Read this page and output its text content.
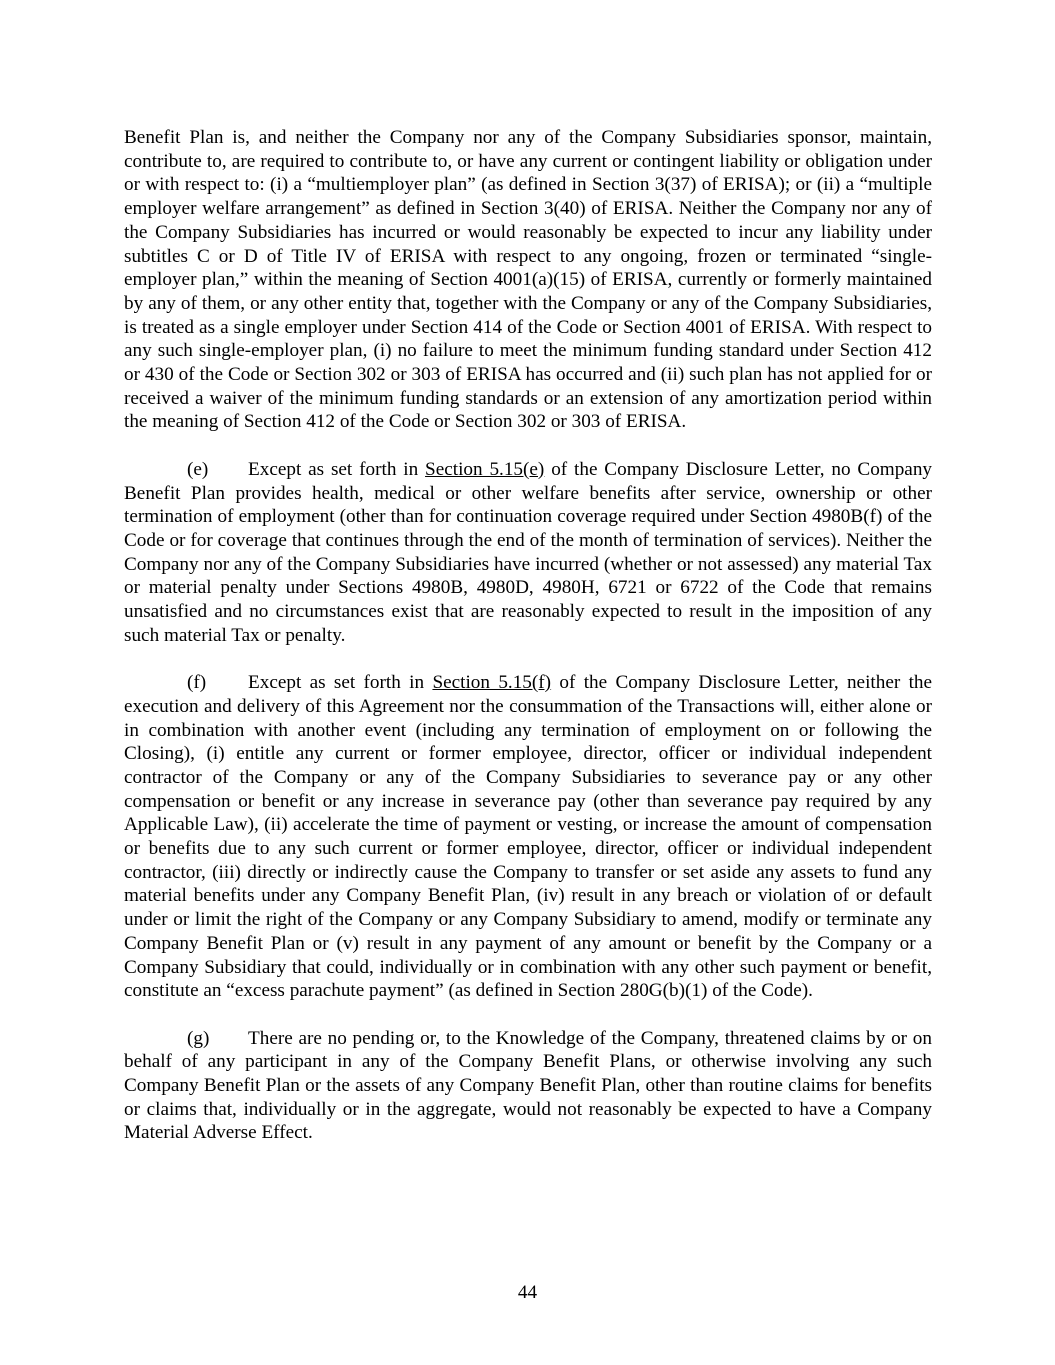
Benefit Plan is, and neither the Company nor any of the Company Subsidiaries sponsor, maintain, contribute to, are required to contribute to, or have any current or contingent liability or obligation under or with respect to: (i) a “multiemployer plan” (as defined in Section 3(37) of ERISA); or (ii) a “multiple employer welfare arrangement” as defined in Section 3(40) of ERISA. Neither the Company nor any of the Company Subsidiaries has incurred or would reasonably be expected to incur any liability under subtitles C or D of Title IV of ERISA with respect to any ongoing, frozen or terminated “single-employer plan,” within the meaning of Section 4001(a)(15) of ERISA, currently or formerly maintained by any of them, or any other entity that, together with the Company or any of the Company Subsidiaries, is treated as a single employer under Section 414 of the Code or Section 4001 of ERISA. With respect to any such single-employer plan, (i) no failure to meet the minimum funding standard under Section 412 or 430 of the Code or Section 302 or 303 of ERISA has occurred and (ii) such plan has not applied for or received a waiver of the minimum funding standards or an extension of any amortization period within the meaning of Section 412 of the Code or Section 302 or 303 of ERISA.

(e) Except as set forth in Section 5.15(e) of the Company Disclosure Letter, no Company Benefit Plan provides health, medical or other welfare benefits after service, ownership or other termination of employment (other than for continuation coverage required under Section 4980B(f) of the Code or for coverage that continues through the end of the month of termination of services). Neither the Company nor any of the Company Subsidiaries have incurred (whether or not assessed) any material Tax or material penalty under Sections 4980B, 4980D, 4980H, 6721 or 6722 of the Code that remains unsatisfied and no circumstances exist that are reasonably expected to result in the imposition of any such material Tax or penalty.

(f) Except as set forth in Section 5.15(f) of the Company Disclosure Letter, neither the execution and delivery of this Agreement nor the consummation of the Transactions will, either alone or in combination with another event (including any termination of employment on or following the Closing), (i) entitle any current or former employee, director, officer or individual independent contractor of the Company or any of the Company Subsidiaries to severance pay or any other compensation or benefit or any increase in severance pay (other than severance pay required by any Applicable Law), (ii) accelerate the time of payment or vesting, or increase the amount of compensation or benefits due to any such current or former employee, director, officer or individual independent contractor, (iii) directly or indirectly cause the Company to transfer or set aside any assets to fund any material benefits under any Company Benefit Plan, (iv) result in any breach or violation of or default under or limit the right of the Company or any Company Subsidiary to amend, modify or terminate any Company Benefit Plan or (v) result in any payment of any amount or benefit by the Company or a Company Subsidiary that could, individually or in combination with any other such payment or benefit, constitute an “excess parachute payment” (as defined in Section 280G(b)(1) of the Code).

(g) There are no pending or, to the Knowledge of the Company, threatened claims by or on behalf of any participant in any of the Company Benefit Plans, or otherwise involving any such Company Benefit Plan or the assets of any Company Benefit Plan, other than routine claims for benefits or claims that, individually or in the aggregate, would not reasonably be expected to have a Company Material Adverse Effect.

44
